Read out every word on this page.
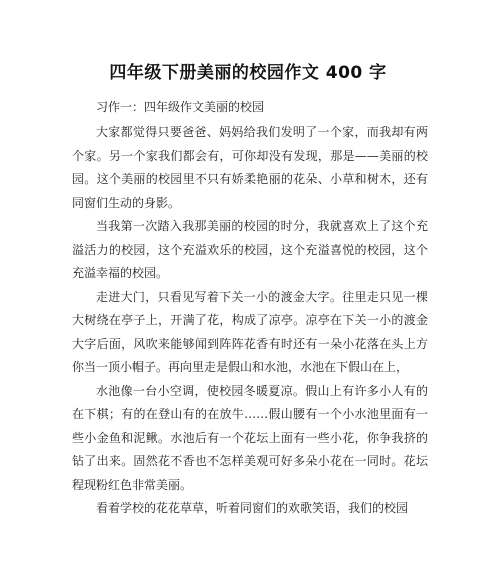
四年级下册美丽的校园作文 400 字
习作一：四年级作文美丽的校园

大家都觉得只要爸爸、妈妈给我们发明了一个家，而我却有两个家。另一个家我们都会有，可你却没有发现，那是——美丽的校园。这个美丽的校园里不只有娇柔艳丽的花朵、小草和树木，还有同窗们生动的身影。

当我第一次踏入我那美丽的校园的时分，我就喜欢上了这个充溢活力的校园，这个充溢欢乐的校园，这个充溢喜悦的校园，这个充溢幸福的校园。

走进大门，只看见写着下关一小的渡金大字。往里走只见一棵大树绕在亭子上，开满了花，构成了凉亭。凉亭在下关一小的渡金大字后面，风吹来能够闻到阵阵花香有时还有一朵小花落在头上方你当一顶小帽子。再向里走是假山和水池，水池在下假山在上，

水池像一台小空调，使校园冬暖夏凉。假山上有许多小人有的在下棋；有的在登山有的在放牛……假山腰有一个小水池里面有一些小金鱼和泥鳅。水池后有一个花坛上面有一些小花，你争我挤的钻了出来。固然花不香也不怎样美观可好多朵小花在一同时。花坛程现粉红色非常美丽。

看着学校的花花草草，听着同窗们的欢歌笑语，我们的校园
